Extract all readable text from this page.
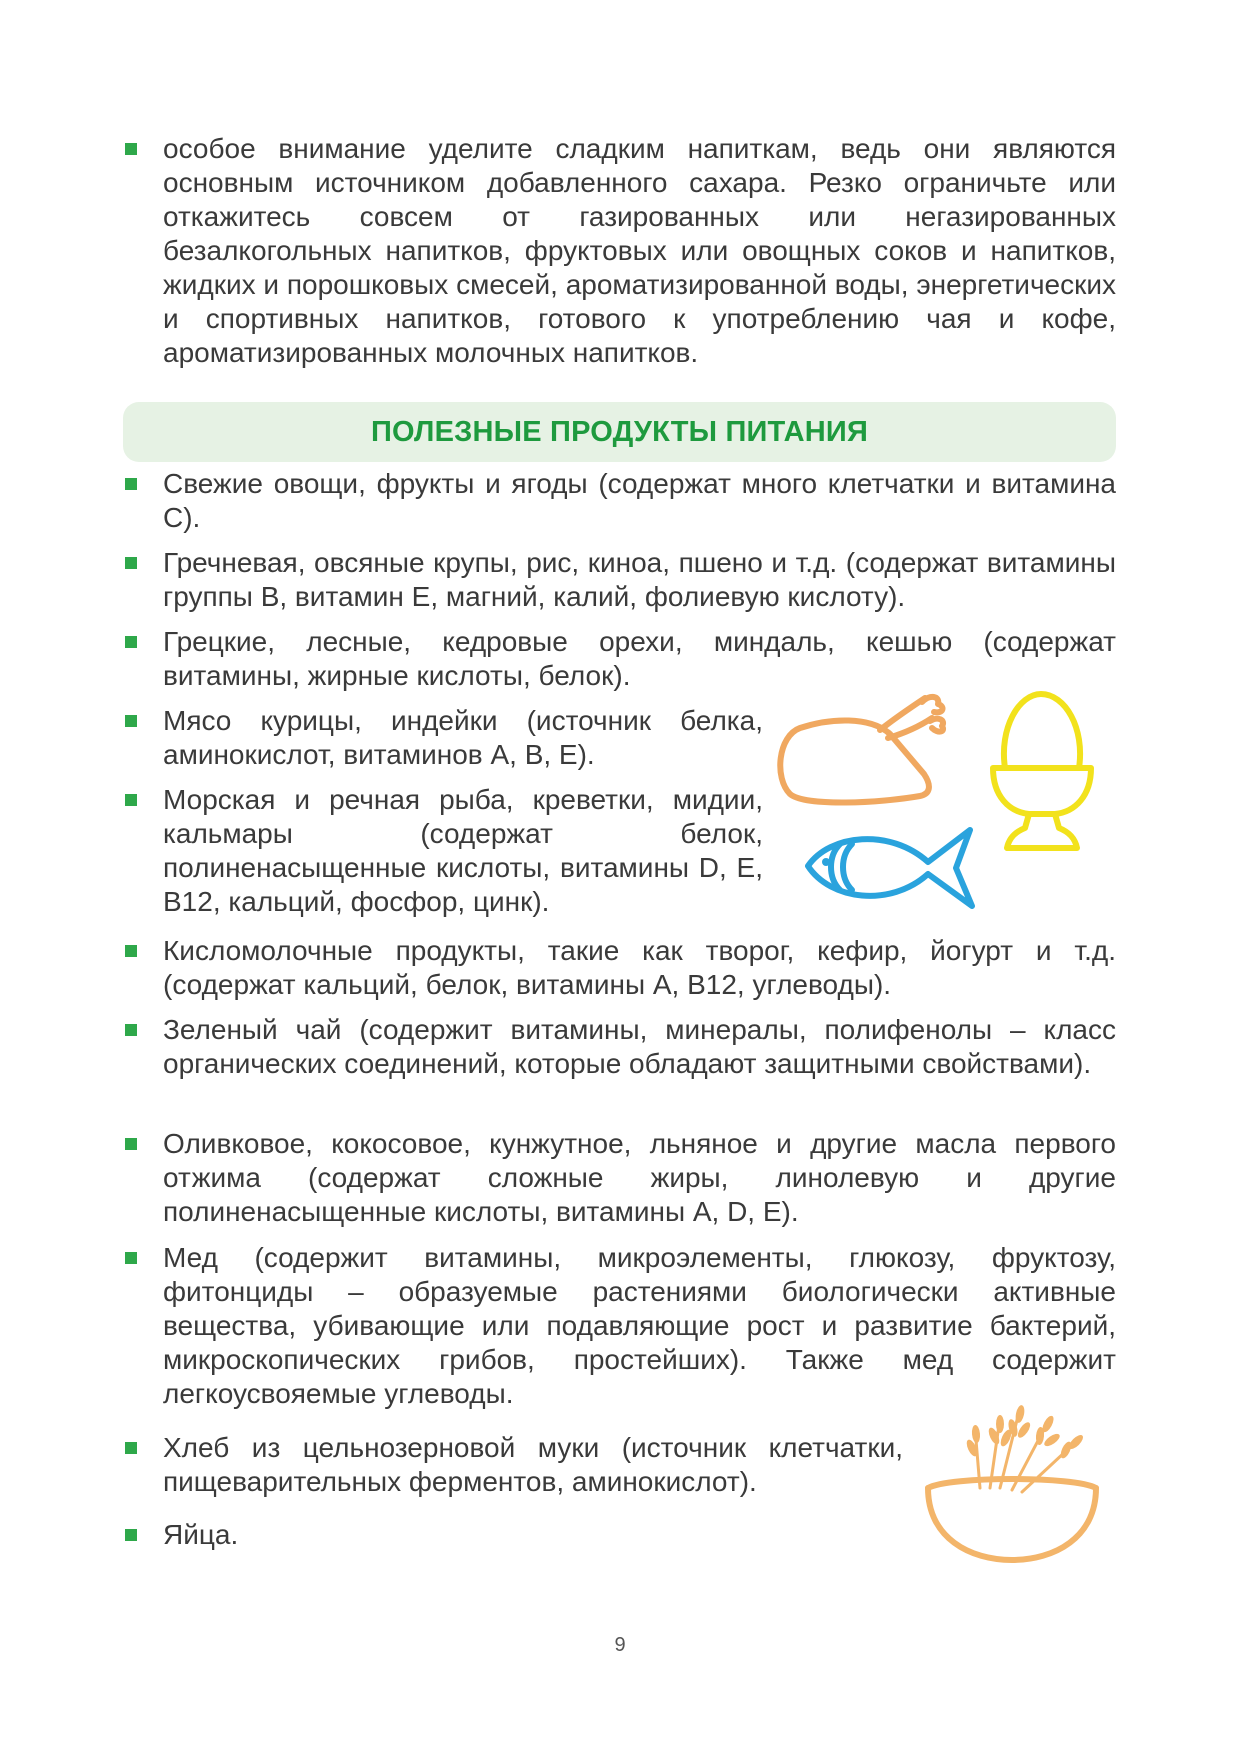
особое внимание уделите сладким напиткам, ведь они являются основным источником добавленного сахара. Резко ограничьте или откажитесь совсем от газированных или негазированных безалкогольных напитков, фруктовых или овощных соков и напитков, жидких и порошковых смесей, ароматизированной воды, энергетических и спортивных напитков, готового к употреблению чая и кофе, ароматизированных молочных напитков.
ПОЛЕЗНЫЕ ПРОДУКТЫ ПИТАНИЯ
Свежие овощи, фрукты и ягоды (содержат много клетчатки и витамина С).
Гречневая, овсяные крупы, рис, киноа, пшено и т.д. (содержат витамины группы В, витамин Е, магний, калий, фолиевую кислоту).
Грецкие, лесные, кедровые орехи, миндаль, кешью (содержат витамины, жирные кислоты, белок).
Мясо курицы, индейки (источник белка, аминокислот, витаминов А, В, Е).
Морская и речная рыба, креветки, мидии, кальмары (содержат белок, полиненасыщенные кислоты, витамины D, Е, В12, кальций, фосфор, цинк).
Кисломолочные продукты, такие как творог, кефир, йогурт и т.д. (содержат кальций, белок, витамины А, В12, углеводы).
Зеленый чай (содержит витамины, минералы, полифенолы – класс органических соединений, которые обладают защитными свойствами).
Оливковое, кокосовое, кунжутное, льняное и другие масла первого отжима (содержат сложные жиры, линолевую и другие полиненасыщенные кислоты, витамины А, D, Е).
Мед (содержит витамины, микроэлементы, глюкозу, фруктозу, фитонциды – образуемые растениями биологически активные вещества, убивающие или подавляющие рост и развитие бактерий, микроскопических грибов, простейших). Также мед содержит легкоусвояемые углеводы.
Хлеб из цельнозерновой муки (источник клетчатки, пищеварительных ферментов, аминокислот).
Яйца.
9
